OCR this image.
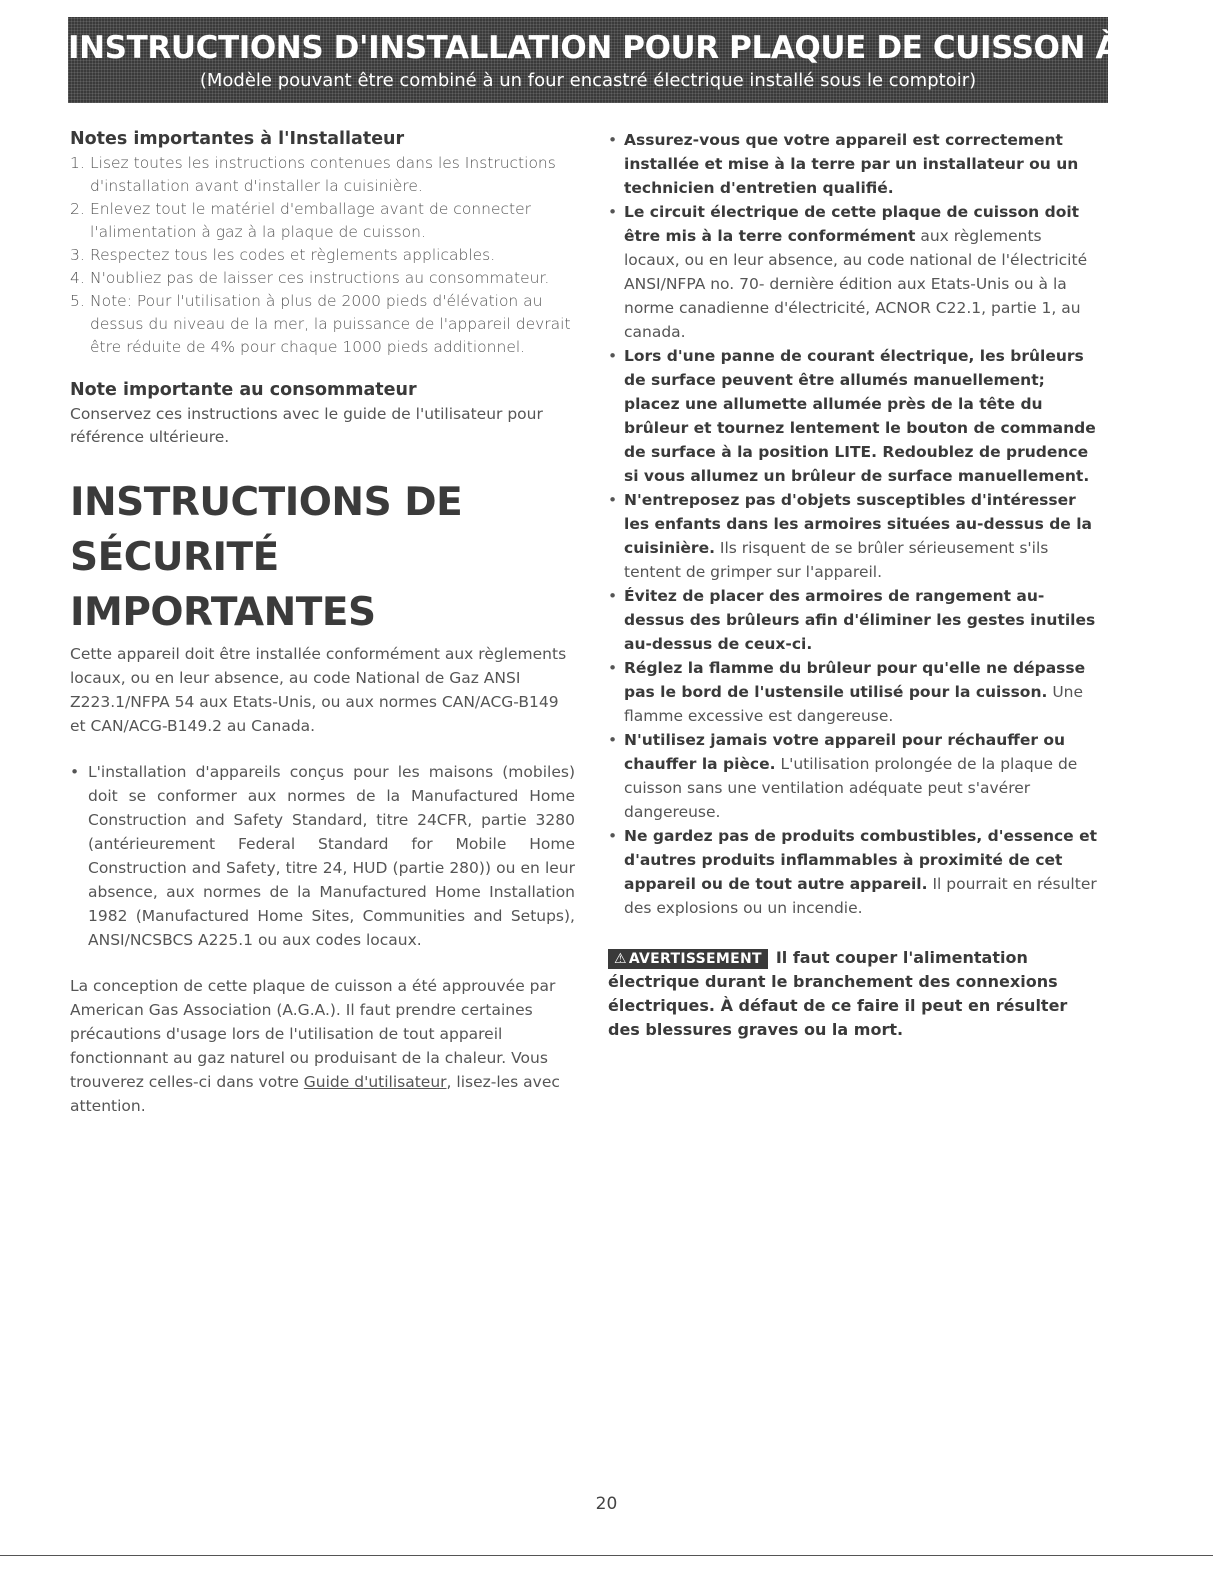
INSTRUCTIONS D'INSTALLATION POUR PLAQUE DE CUISSON À GAZ
(Modèle pouvant être combiné à un four encastré électrique installé sous le comptoir)
Notes importantes à l'Installateur
1. Lisez toutes les instructions contenues dans les Instructions d'installation avant d'installer la cuisinière.
2. Enlevez tout le matériel d'emballage avant de connecter l'alimentation à gaz à la plaque de cuisson.
3. Respectez tous les codes et règlements applicables.
4. N'oubliez pas de laisser ces instructions au consommateur.
5. Note: Pour l'utilisation à plus de 2000 pieds d'élévation au dessus du niveau de la mer, la puissance de l'appareil devrait être réduite de 4% pour chaque 1000 pieds additionnel.
Note importante au consommateur

Conservez ces instructions avec le guide de l'utilisateur pour référence ultérieure.

INSTRUCTIONS DE SÉCURITÉ IMPORTANTES

Cette appareil doit être installée conformément aux règlements locaux, ou en leur absence, au code National de Gaz ANSI Z223.1/NFPA 54 aux Etats-Unis, ou aux normes CAN/ACG-B149 et CAN/ACG-B149.2 au Canada.

• L'installation d'appareils conçus pour les maisons (mobiles) doit se conformer aux normes de la Manufactured Home Construction and Safety Standard, titre 24CFR, partie 3280 (antérieurement Federal Standard for Mobile Home Construction and Safety, titre 24, HUD (partie 280)) ou en leur absence, aux normes de la Manufactured Home Installation 1982 (Manufactured Home Sites, Communities and Setups), ANSI/NCSBCS A225.1 ou aux codes locaux.

La conception de cette plaque de cuisson a été approuvée par American Gas Association (A.G.A.). Il faut prendre certaines précautions d'usage lors de l'utilisation de tout appareil fonctionnant au gaz naturel ou produisant de la chaleur. Vous trouverez celles-ci dans votre Guide d'utilisateur, lisez-les avec attention.

• Assurez-vous que votre appareil est correctement installée et mise à la terre par un installateur ou un technicien d'entretien qualifié.

• Le circuit électrique de cette plaque de cuisson doit être mis à la terre conformément aux règlements locaux, ou en leur absence, au code national de l'électricité ANSI/NFPA no. 70- dernière édition aux Etats-Unis ou à la norme canadienne d'électricité, ACNOR C22.1, partie 1, au canada.

• Lors d'une panne de courant électrique, les brûleurs de surface peuvent être allumés manuellement; placez une allumette allumée près de la tête du brûleur et tournez lentement le bouton de commande de surface à la position LITE. Redoublez de prudence si vous allumez un brûleur de surface manuellement.

• N'entreposez pas d'objets susceptibles d'intéresser les enfants dans les armoires situées au-dessus de la cuisinière. Ils risquent de se brûler sérieusement s'ils tentent de grimper sur l'appareil.

• Évitez de placer des armoires de rangement au-dessus des brûleurs afin d'éliminer les gestes inutiles au-dessus de ceux-ci.

• Réglez la flamme du brûleur pour qu'elle ne dépasse pas le bord de l'ustensile utilisé pour la cuisson. Une flamme excessive est dangereuse.

• N'utilisez jamais votre appareil pour réchauffer ou chauffer la pièce. L'utilisation prolongée de la plaque de cuisson sans une ventilation adéquate peut s'avérer dangereuse.

• Ne gardez pas de produits combustibles, d'essence et d'autres produits inflammables à proximité de cet appareil ou de tout autre appareil. Il pourrait en résulter des explosions ou un incendie.

⚠ AVERTISSEMENT Il faut couper l'alimentation électrique durant le branchement des connexions électriques. À défaut de ce faire il peut en résulter des blessures graves ou la mort.
20
